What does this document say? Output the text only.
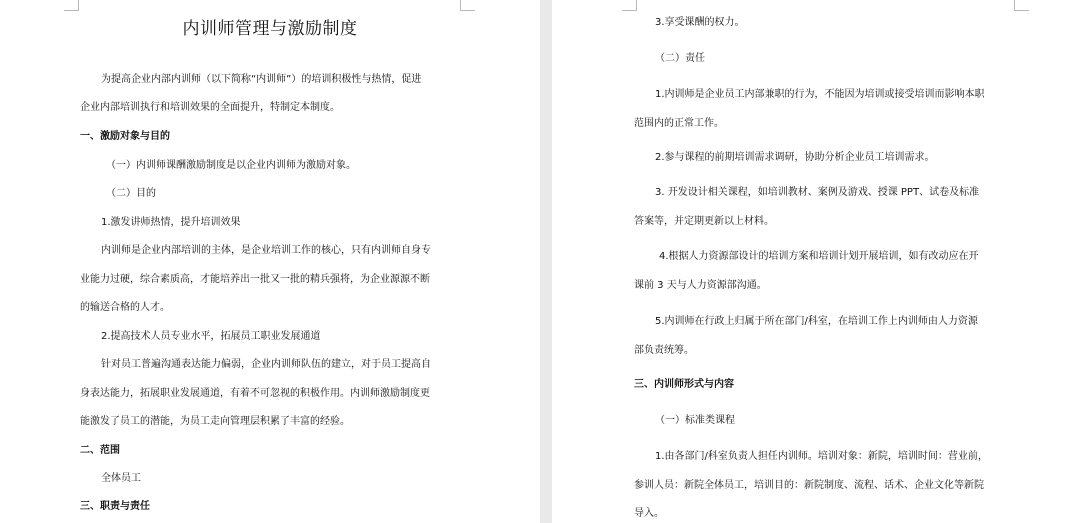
内训师管理与激励制度
为提高企业内部内训师（以下简称“内训师”）的培训积极性与热情，促进
企业内部培训执行和培训效果的全面提升，特制定本制度。
一、激励对象与目的
（一）内训师课酬激励制度是以企业内训师为激励对象。
（二）目的
1.激发讲师热情，提升培训效果
内训师是企业内部培训的主体，是企业培训工作的核心，只有内训师自身专
业能力过硬，综合素质高，才能培养出一批又一批的精兵强将，为企业源源不断
的输送合格的人才。
2.提高技术人员专业水平，拓展员工职业发展通道
针对员工普遍沟通表达能力偏弱，企业内训师队伍的建立，对于员工提高自
身表达能力，拓展职业发展通道，有着不可忽视的积极作用。内训师激励制度更
能激发了员工的潜能，为员工走向管理层积累了丰富的经验。
二、范围
全体员工
三、职责与责任
3.享受课酬的权力。
（二）责任
1.内训师是企业员工内部兼职的行为，不能因为培训或接受培训而影响本职
范围内的正常工作。
2.参与课程的前期培训需求调研，协助分析企业员工培训需求。
3. 开发设计相关课程，如培训教材、案例及游戏、授课 PPT、试卷及标准
答案等，并定期更新以上材料。
4.根据人力资源部设计的培训方案和培训计划开展培训，如有改动应在开
课前 3 天与人力资源部沟通。
5.内训师在行政上归属于所在部门/科室，在培训工作上内训师由人力资源
部负责统筹。
三、内训师形式与内容
（一）标准类课程
1.由各部门/科室负责人担任内训师。培训对象：新院，培训时间：营业前，
参训人员：新院全体员工，培训目的：新院制度、流程、话术、企业文化等新院
导入。
